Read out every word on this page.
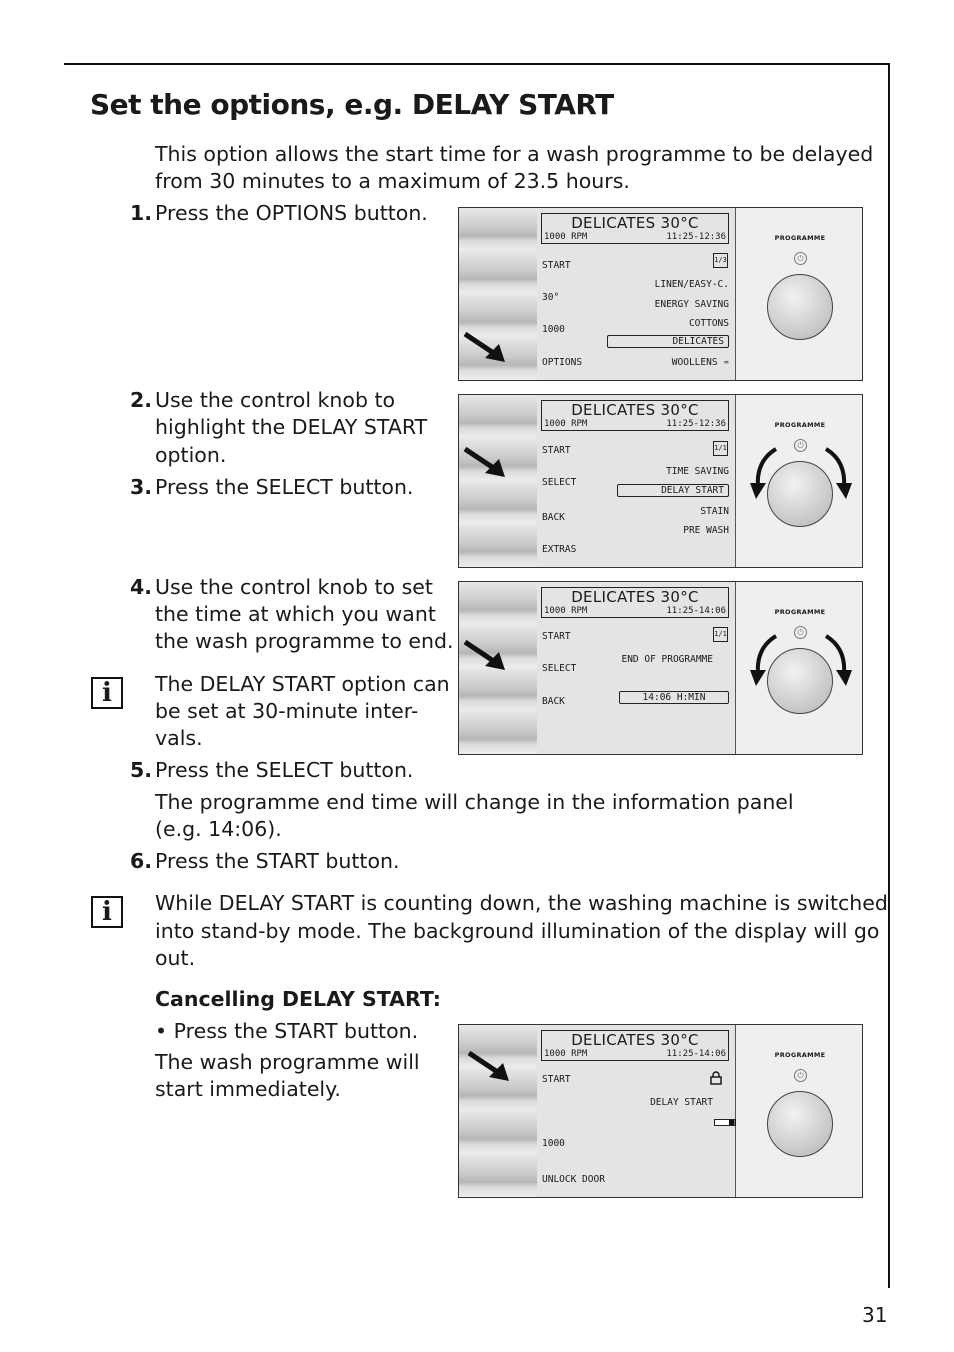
Set the options, e.g. DELAY START
This option allows the start time for a wash programme to be delayed
from 30 minutes to a maximum of 23.5 hours.
1. Press the OPTIONS button.
2. Use the control knob to
highlight the DELAY START
option.
3. Press the SELECT button.
4. Use the control knob to set
the time at which you want
the wash programme to end.
i	The DELAY START option can
be set at 30-minute inter-
vals.
5. Press the SELECT button.
The programme end time will change in the information panel
(e.g. 14:06).
6. Press the START button.
i	While DELAY START is counting down, the washing machine is switched
into stand-by mode. The background illumination of the display will go
out.
Cancelling DELAY START:
• Press the START button.
The wash programme will
start immediately.
DELICATES 30°C
1000 RPM	11:25-12:36
1/3
START
30°
1000
OPTIONS
LINEN/EASY-C.
ENERGY SAVING
COTTONS
DELICATES
WOOLLENS ♒
PROGRAMME
⏻
DELICATES 30°C
1000 RPM	11:25-12:36
1/1
START
SELECT
BACK
EXTRAS
TIME SAVING
DELAY START
STAIN
PRE WASH
PROGRAMME
⏻
DELICATES 30°C
1000 RPM	11:25-14:06
1/1
START
SELECT
BACK
END OF PROGRAMME
14:06 H:MIN
PROGRAMME
⏻
DELICATES 30°C
1000 RPM	11:25-14:06
START
1000
UNLOCK DOOR
DELAY START
PROGRAMME
⏻
31
